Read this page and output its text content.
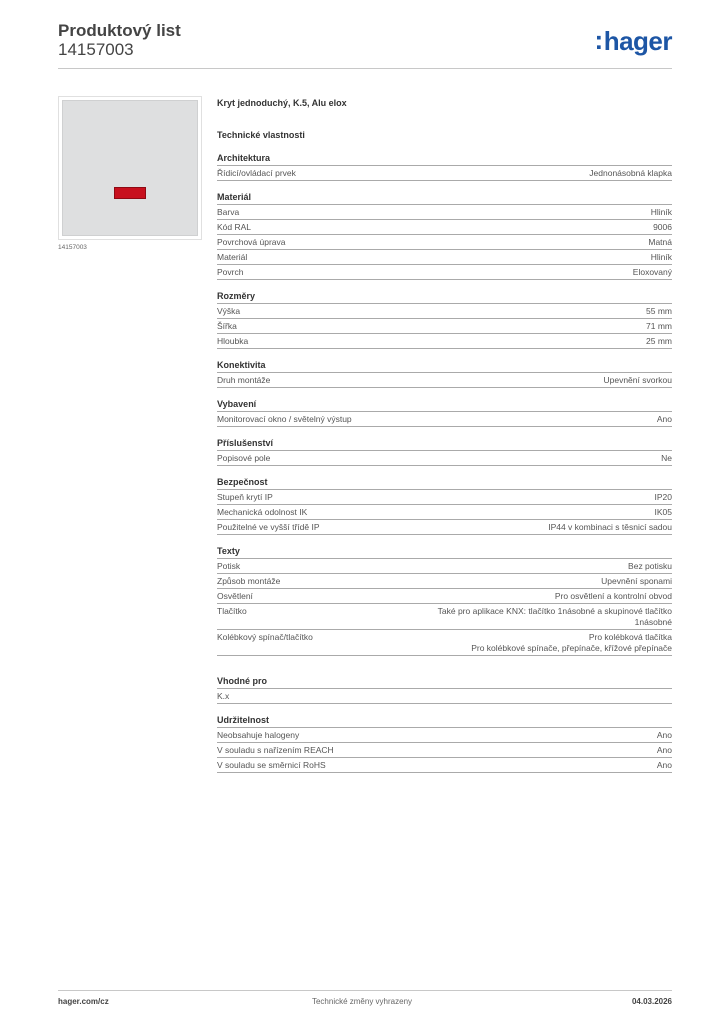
Produktový list
14157003	:hager
14157003
Kryt jednoduchý, K.5, Alu elox
Technické vlastnosti
Architektura
Řídicí/ovládací prvek	Jednonásobná klapka
Materiál
Barva	Hliník
Kód RAL	9006
Povrchová úprava	Matná
Materiál	Hliník
Povrch	Eloxovaný
Rozměry
Výška	55 mm
Šířka	71 mm
Hloubka	25 mm
Konektivita
Druh montáže	Upevnění svorkou
Vybavení
Monitorovací okno / světelný výstup	Ano
Příslušenství
Popisové pole	Ne
Bezpečnost
Stupeň krytí IP	IP20
Mechanická odolnost IK	IK05
Použitelné ve vyšší třídě IP	IP44 v kombinaci s těsnicí sadou
Texty
Potisk	Bez potisku
Způsob montáže	Upevnění sponami
Osvětlení	Pro osvětlení a kontrolní obvod
Tlačítko	Také pro aplikace KNX: tlačítko 1násobné a skupinové tlačítko
1násobné
Kolébkový spínač/tlačítko	Pro kolébková tlačítka
Pro kolébkové spínače, přepínače, křížové přepínače
Vhodné pro
K.x
Udržitelnost
Neobsahuje halogeny	Ano
V souladu s nařízením REACH	Ano
V souladu se směrnicí RoHS	Ano
hager.com/cz	Technické změny vyhrazeny	04.03.2026
